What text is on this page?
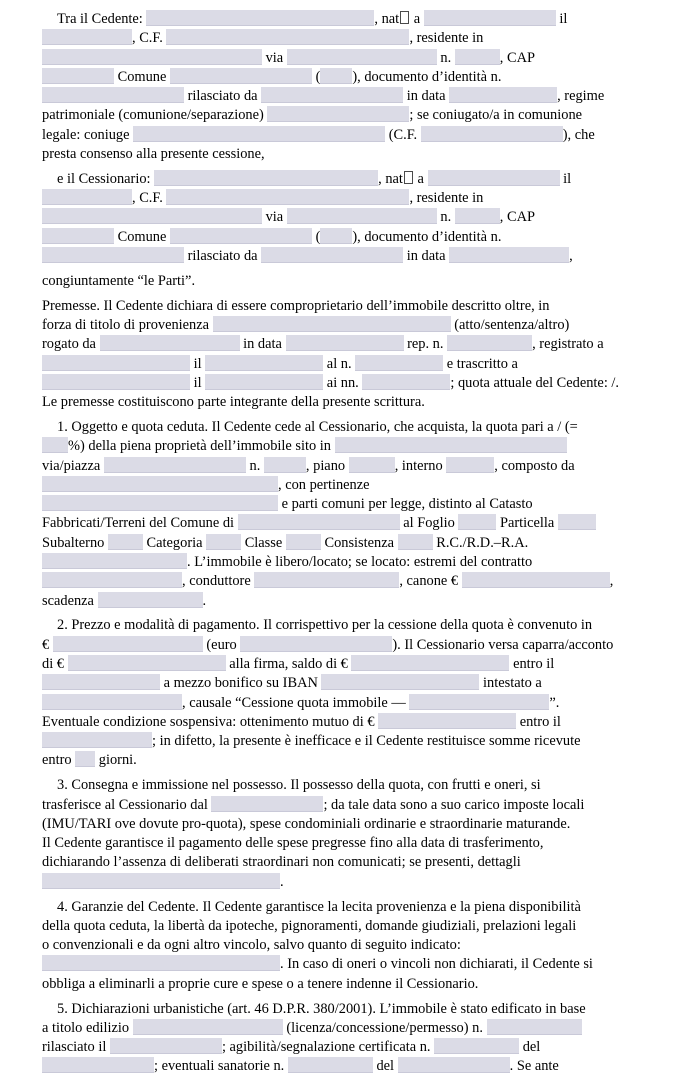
Tra il Cedente:	, nat a	il
, C.F.	, residente in
via	n.	, CAP
Comune	( ), documento d’identità n.
rilasciato da	in data	, regime
patrimoniale (comunione/separazione)	; se coniugato/a in comunione
legale: coniuge	(C.F.	), che
presta consenso alla presente cessione,
e il Cessionario:	, nat a	il
, C.F.	, residente in
via	n.	, CAP
Comune	( ), documento d’identità n.
rilasciato da	in data	,
congiuntamente “le Parti”.
Premesse. Il Cedente dichiara di essere comproprietario dell’immobile descritto oltre, in
forza di titolo di provenienza	(atto/sentenza/altro)
rogato da	in data	rep. n.	, registrato a
il	al n.	e trascritto a
il	ai nn.	; quota attuale del Cedente: /.
Le premesse costituiscono parte integrante della presente scrittura.
1. Oggetto e quota ceduta. Il Cedente cede al Cessionario, che acquista, la quota pari a / (=
%) della piena proprietà dell’immobile sito in
via/piazza	n.	, piano	, interno	, composto da
, con pertinenze
e parti comuni per legge, distinto al Catasto
Fabbricati/Terreni del Comune di	al Foglio	Particella
Subalterno  Categoria  Classe  Consistenza  R.C./R.D.–R.A.
. L’immobile è libero/locato; se locato: estremi del contratto
, conduttore	, canone €	,
scadenza	.
2. Prezzo e modalità di pagamento. Il corrispettivo per la cessione della quota è convenuto in
€	(euro	). Il Cessionario versa caparra/acconto
di €	alla firma, saldo di €	entro il
a mezzo bonifico su IBAN	intestato a
, causale “Cessione quota immobile —	”.
Eventuale condizione sospensiva: ottenimento mutuo di €	entro il
; in difetto, la presente è inefficace e il Cedente restituisce somme ricevute
entro  giorni.
3. Consegna e immissione nel possesso. Il possesso della quota, con frutti e oneri, si
trasferisce al Cessionario dal	; da tale data sono a suo carico imposte locali
(IMU/TARI ove dovute pro-quota), spese condominiali ordinarie e straordinarie maturande.
Il Cedente garantisce il pagamento delle spese pregresse fino alla data di trasferimento,
dichiarando l’assenza di deliberati straordinari non comunicati; se presenti, dettagli
.
4. Garanzie del Cedente. Il Cedente garantisce la lecita provenienza e la piena disponibilità
della quota ceduta, la libertà da ipoteche, pignoramenti, domande giudiziali, prelazioni legali
o convenzionali e da ogni altro vincolo, salvo quanto di seguito indicato:
. In caso di oneri o vincoli non dichiarati, il Cedente si
obbliga a eliminarli a proprie cure e spese o a tenere indenne il Cessionario.
5. Dichiarazioni urbanistiche (art. 46 D.P.R. 380/2001). L’immobile è stato edificato in base
a titolo edilizio	(licenza/concessione/permesso) n.
rilasciato il	; agibilità/segnalazione certificata n.	del
; eventuali sanatorie n.	del	. Se ante
